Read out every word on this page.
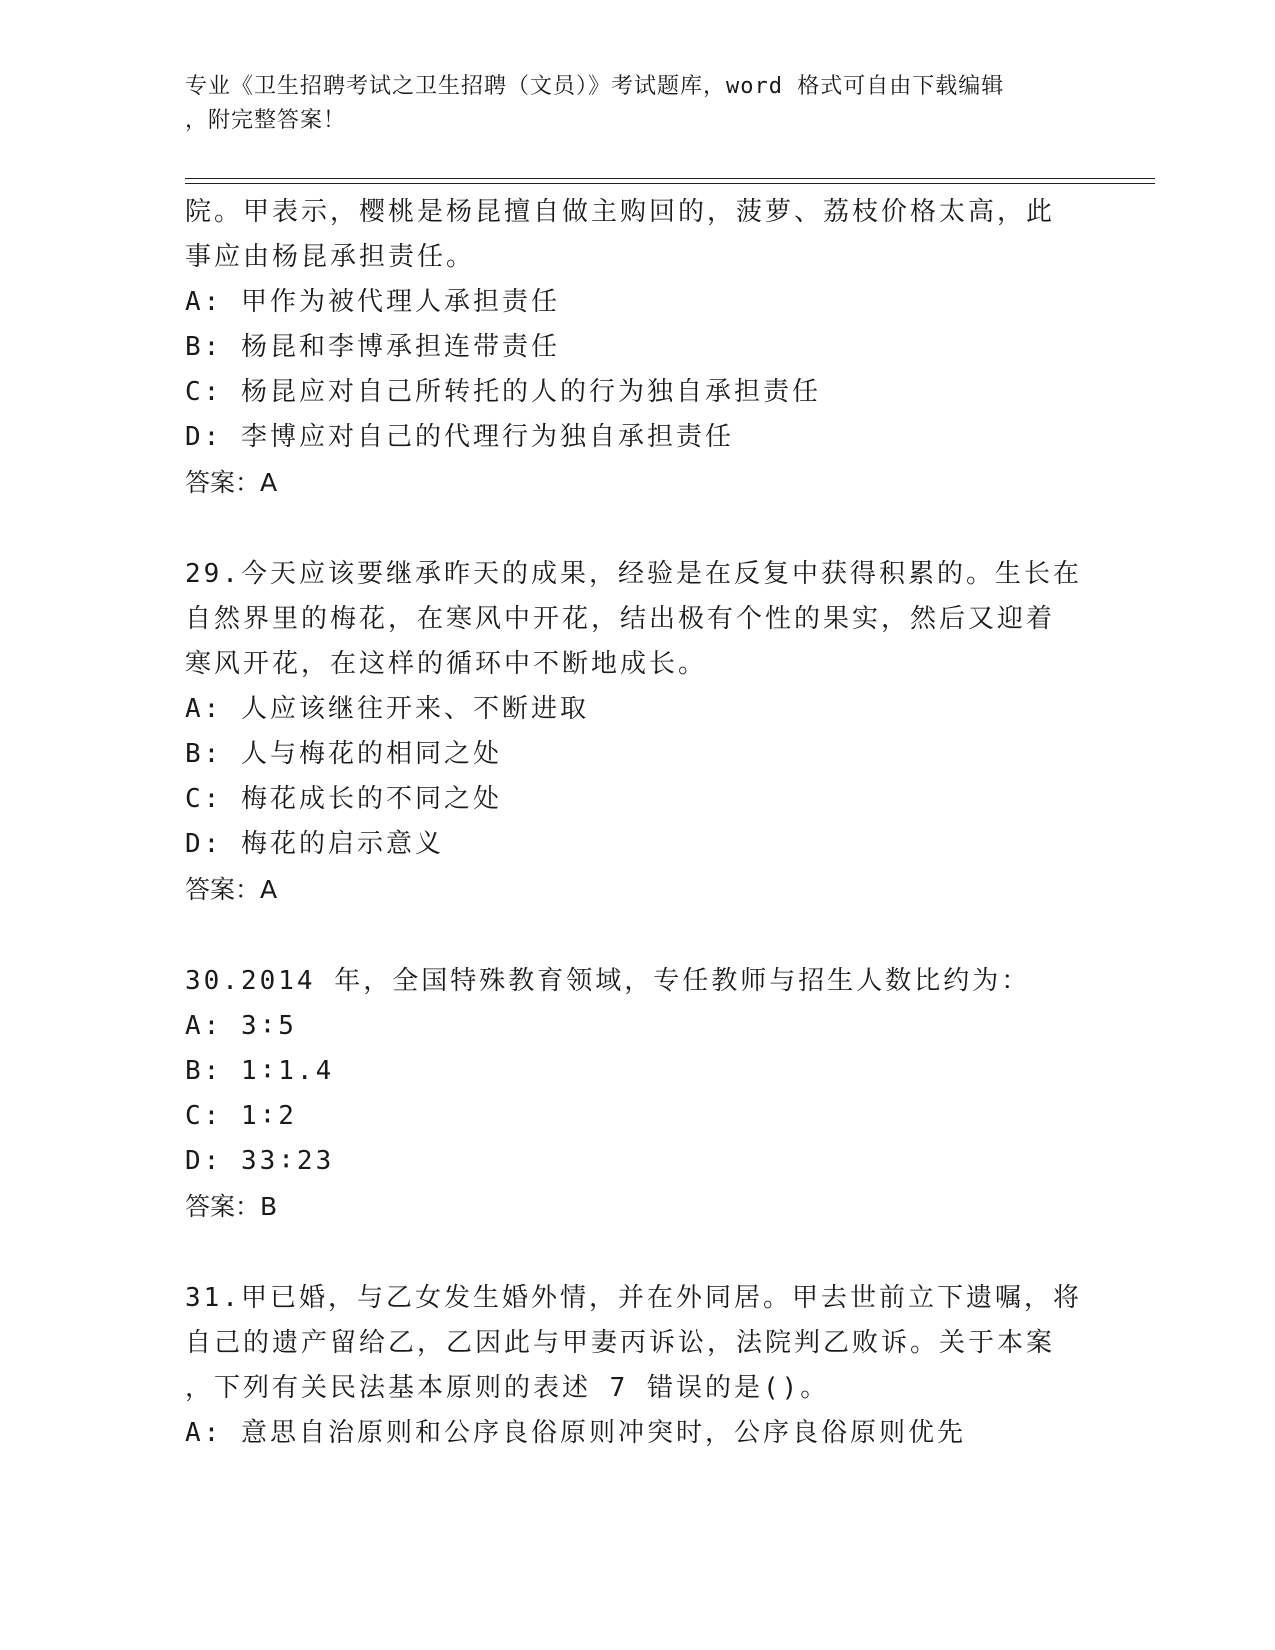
专业《卫生招聘考试之卫生招聘（文员）》考试题库，word 格式可自由下载编辑
，附完整答案！
院。甲表示，樱桃是杨昆擅自做主购回的，菠萝、荔枝价格太高，此
事应由杨昆承担责任。
A: 甲作为被代理人承担责任
B: 杨昆和李博承担连带责任
C: 杨昆应对自己所转托的人的行为独自承担责任
D: 李博应对自己的代理行为独自承担责任
答案：A
29.今天应该要继承昨天的成果，经验是在反复中获得积累的。生长在
自然界里的梅花，在寒风中开花，结出极有个性的果实，然后又迎着
寒风开花，在这样的循环中不断地成长。
A: 人应该继往开来、不断进取
B: 人与梅花的相同之处
C: 梅花成长的不同之处
D: 梅花的启示意义
答案：A
30.2014 年，全国特殊教育领域，专任教师与招生人数比约为：
A: 3∶5
B: 1∶1.4
C: 1∶2
D: 33∶23
答案：B
31.甲已婚，与乙女发生婚外情，并在外同居。甲去世前立下遗嘱，将
自己的遗产留给乙，乙因此与甲妻丙诉讼，法院判乙败诉。关于本案
，下列有关民法基本原则的表述 7 错误的是()。
A: 意思自治原则和公序良俗原则冲突时，公序良俗原则优先
